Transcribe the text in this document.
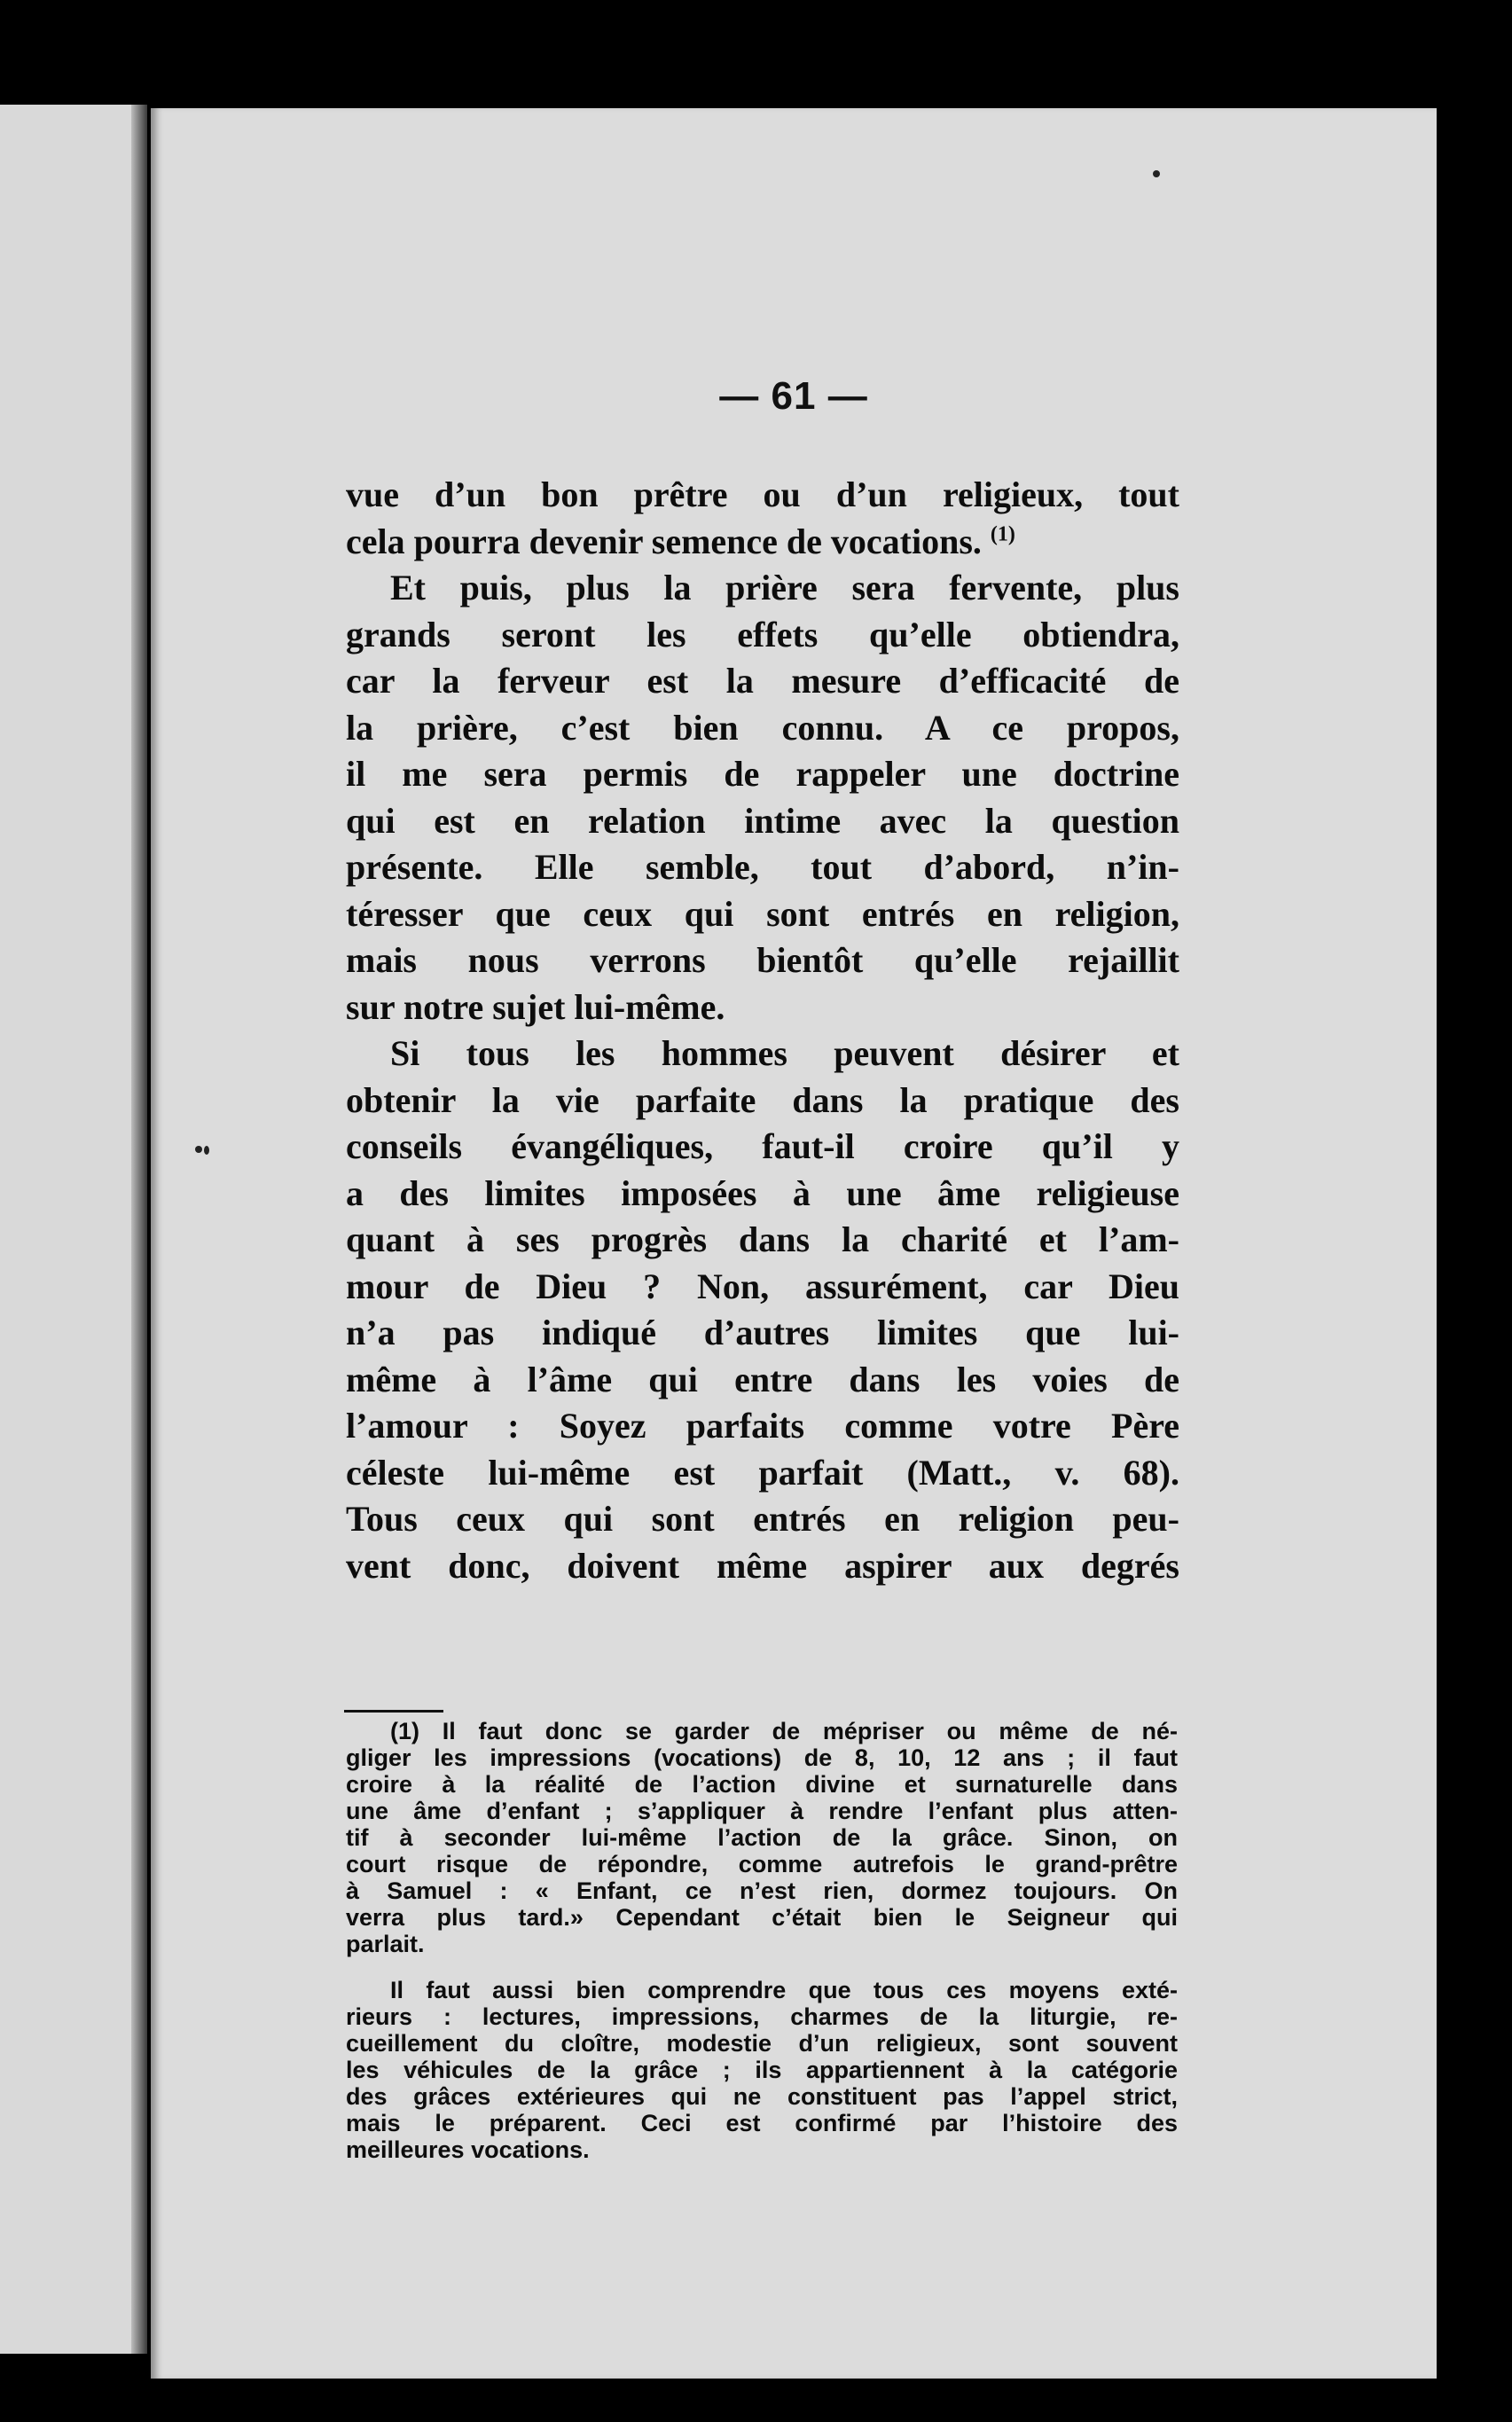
— 61 —
vue d’un bon prêtre ou d’un religieux, tout
cela pourra devenir semence de vocations. $^{(1)}$
Et puis, plus la prière sera fervente, plus
grands seront les effets qu’elle obtiendra,
car la ferveur est la mesure d’efficacité de
la prière, c’est bien connu. A ce propos,
il me sera permis de rappeler une doctrine
qui est en relation intime avec la question
présente. Elle semble, tout d’abord, n’in-
téresser que ceux qui sont entrés en religion,
mais nous verrons bientôt qu’elle rejaillit
sur notre sujet lui-même.
Si tous les hommes peuvent désirer et
obtenir la vie parfaite dans la pratique des
conseils évangéliques, faut-il croire qu’il y
a des limites imposées à une âme religieuse
quant à ses progrès dans la charité et l’am-
mour de Dieu ? Non, assurément, car Dieu
n’a pas indiqué d’autres limites que lui-
même à l’âme qui entre dans les voies de
l’amour : Soyez parfaits comme votre Père
céleste lui-même est parfait (Matt., v. 68).
Tous ceux qui sont entrés en religion peu-
vent donc, doivent même aspirer aux degrés
(1) Il faut donc se garder de mépriser ou même de né-
gliger les impressions (vocations) de 8, 10, 12 ans ; il faut
croire à la réalité de l’action divine et surnaturelle dans
une âme d’enfant ; s’appliquer à rendre l’enfant plus atten-
tif à seconder lui-même l’action de la grâce. Sinon, on
court risque de répondre, comme autrefois le grand-prêtre
à Samuel : « Enfant, ce n’est rien, dormez toujours. On
verra plus tard.» Cependant c’était bien le Seigneur qui
parlait.
Il faut aussi bien comprendre que tous ces moyens exté-
rieurs : lectures, impressions, charmes de la liturgie, re-
cueillement du cloître, modestie d’un religieux, sont souvent
les véhicules de la grâce ; ils appartiennent à la catégorie
des grâces extérieures qui ne constituent pas l’appel strict,
mais le préparent. Ceci est confirmé par l’histoire des
meilleures vocations.
